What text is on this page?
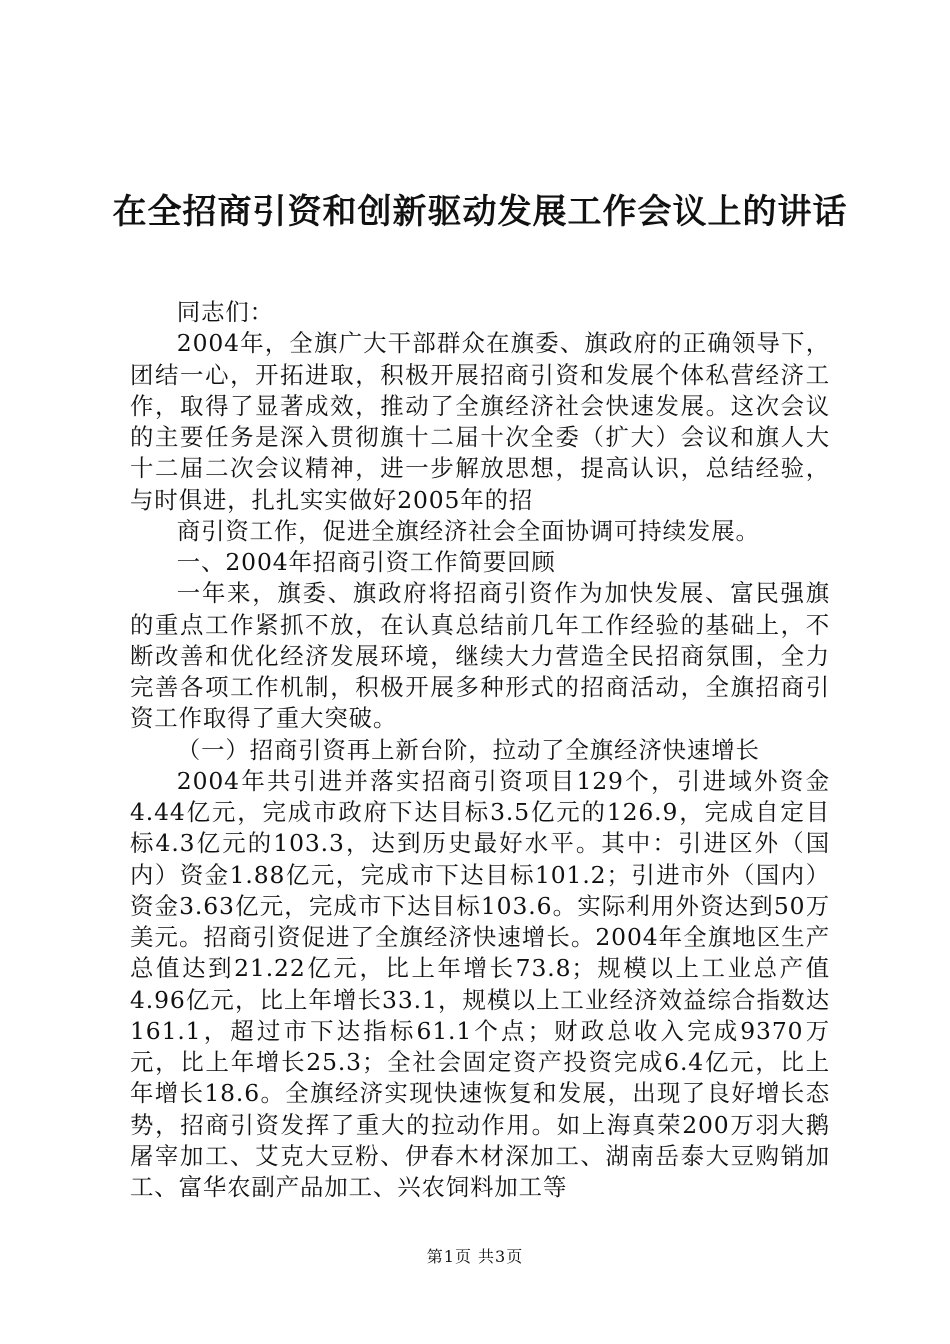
在全招商引资和创新驱动发展工作会议上的讲话

同志们：

2004年，全旗广大干部群众在旗委、旗政府的正确领导下，团结一心，开拓进取，积极开展招商引资和发展个体私营经济工作，取得了显著成效，推动了全旗经济社会快速发展。这次会议的主要任务是深入贯彻旗十二届十次全委（扩大）会议和旗人大十二届二次会议精神，进一步解放思想，提高认识，总结经验，与时俱进，扎扎实实做好2005年的招

商引资工作，促进全旗经济社会全面协调可持续发展。

一、2004年招商引资工作简要回顾

一年来，旗委、旗政府将招商引资作为加快发展、富民强旗的重点工作紧抓不放，在认真总结前几年工作经验的基础上，不断改善和优化经济发展环境，继续大力营造全民招商氛围，全力完善各项工作机制，积极开展多种形式的招商活动，全旗招商引资工作取得了重大突破。

（一）招商引资再上新台阶，拉动了全旗经济快速增长

2004年共引进并落实招商引资项目129个，引进域外资金4.44亿元，完成市政府下达目标3.5亿元的126.9，完成自定目标4.3亿元的103.3，达到历史最好水平。其中：引进区外（国内）资金1.88亿元，完成市下达目标101.2；引进市外（国内）资金3.63亿元，完成市下达目标103.6。实际利用外资达到50万美元。招商引资促进了全旗经济快速增长。2004年全旗地区生产总值达到21.22亿元，比上年增长73.8；规模以上工业总产值4.96亿元，比上年增长33.1，规模以上工业经济效益综合指数达161.1，超过市下达指标61.1个点；财政总收入完成9370万元，比上年增长25.3；全社会固定资产投资完成6.4亿元，比上年增长18.6。全旗经济实现快速恢复和发展，出现了良好增长态势，招商引资发挥了重大的拉动作用。如上海真荣200万羽大鹅屠宰加工、艾克大豆粉、伊春木材深加工、湖南岳泰大豆购销加工、富华农副产品加工、兴农饲料加工等

第1页 共3页
